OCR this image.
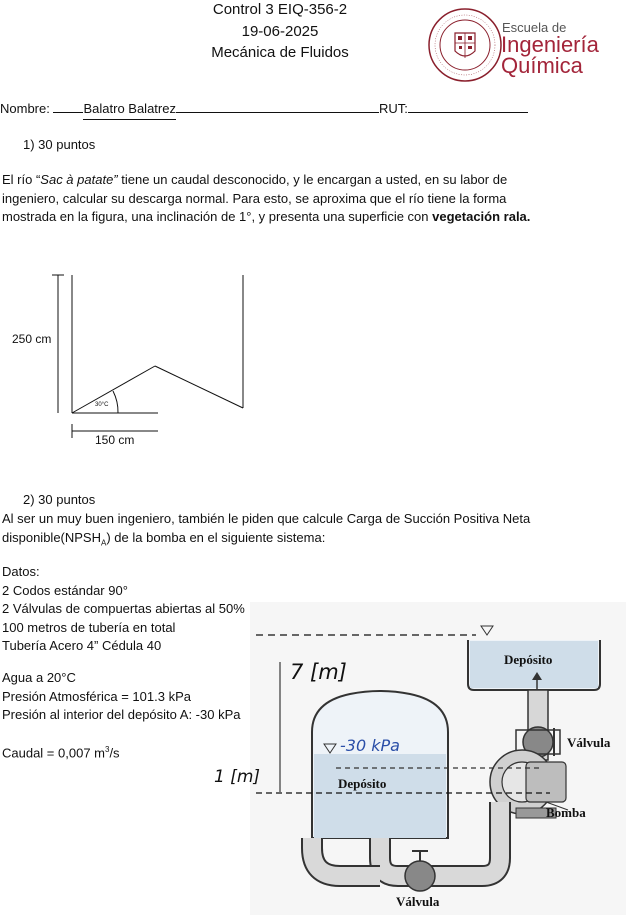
Control 3 EIQ-356-2
19-06-2025
Mecánica de Fluidos
Escuela de
Ingeniería
Química
Nombre:	Balatro Balatrez	RUT:
1) 30 puntos
El río “Sac à patate” tiene un caudal desconocido, y le encargan a usted, en su labor de
ingeniero, calcular su descarga normal. Para esto, se aproxima que el río tiene la forma
mostrada en la figura, una inclinación de 1°, y presenta una superficie con vegetación rala.
250 cm
30°C
150 cm
2) 30 puntos
Al ser un muy buen ingeniero, también le piden que calcule Carga de Succión Positiva Neta
$disponible(NPSH_A)$ de la bomba en el siguiente sistema:
Datos:
2 Codos estándar 90°
2 Válvulas de compuertas abiertas al 50%
100 metros de tubería en total
Tubería Acero 4” Cédula 40
Agua a 20°C
Presión Atmosférica = 101.3 kPa
Presión al interior del depósito A: -30 kPa
Caudal = 0,007 $m^3/s$
Depósito
Depósito
Válvula
Bomba
Válvula
7 [m]
-30 kPa
1 [m]
